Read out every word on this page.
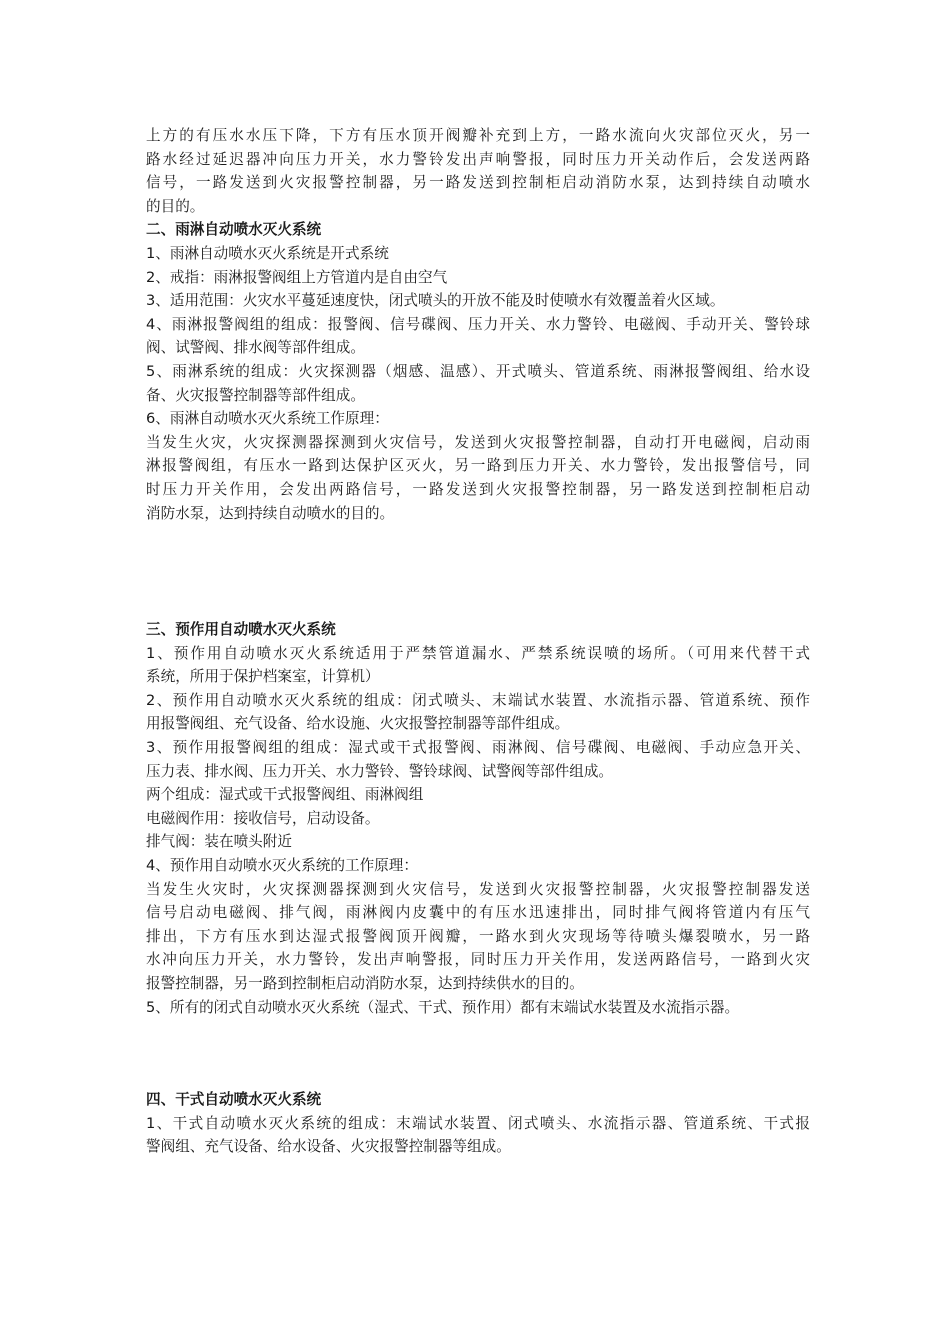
上方的有压水水压下降，下方有压水顶开阀瓣补充到上方，一路水流向火灾部位灭火，另一
路水经过延迟器冲向压力开关，水力警铃发出声响警报，同时压力开关动作后，会发送两路
信号，一路发送到火灾报警控制器，另一路发送到控制柜启动消防水泵，达到持续自动喷水
的目的。
二、雨淋自动喷水灭火系统
1、雨淋自动喷水灭火系统是开式系统
2、戒指：雨淋报警阀组上方管道内是自由空气
3、适用范围：火灾水平蔓延速度快，闭式喷头的开放不能及时使喷水有效覆盖着火区域。
4、雨淋报警阀组的组成：报警阀、信号碟阀、压力开关、水力警铃、电磁阀、手动开关、警铃球
阀、试警阀、排水阀等部件组成。
5、雨淋系统的组成：火灾探测器（烟感、温感）、开式喷头、管道系统、雨淋报警阀组、给水设
备、火灾报警控制器等部件组成。
6、雨淋自动喷水灭火系统工作原理：
当发生火灾，火灾探测器探测到火灾信号，发送到火灾报警控制器，自动打开电磁阀，启动雨
淋报警阀组，有压水一路到达保护区灭火，另一路到压力开关、水力警铃，发出报警信号，同
时压力开关作用，会发出两路信号，一路发送到火灾报警控制器，另一路发送到控制柜启动
消防水泵，达到持续自动喷水的目的。
三、预作用自动喷水灭火系统
1、预作用自动喷水灭火系统适用于严禁管道漏水、严禁系统误喷的场所。（可用来代替干式
系统，所用于保护档案室，计算机）
2、预作用自动喷水灭火系统的组成：闭式喷头、末端试水装置、水流指示器、管道系统、预作
用报警阀组、充气设备、给水设施、火灾报警控制器等部件组成。
3、预作用报警阀组的组成：湿式或干式报警阀、雨淋阀、信号碟阀、电磁阀、手动应急开关、
压力表、排水阀、压力开关、水力警铃、警铃球阀、试警阀等部件组成。
两个组成：湿式或干式报警阀组、雨淋阀组
电磁阀作用：接收信号，启动设备。
排气阀：装在喷头附近
4、预作用自动喷水灭火系统的工作原理：
当发生火灾时，火灾探测器探测到火灾信号，发送到火灾报警控制器，火灾报警控制器发送
信号启动电磁阀、排气阀，雨淋阀内皮囊中的有压水迅速排出，同时排气阀将管道内有压气
排出，下方有压水到达湿式报警阀顶开阀瓣，一路水到火灾现场等待喷头爆裂喷水，另一路
水冲向压力开关，水力警铃，发出声响警报，同时压力开关作用，发送两路信号，一路到火灾
报警控制器，另一路到控制柜启动消防水泵，达到持续供水的目的。
5、所有的闭式自动喷水灭火系统（湿式、干式、预作用）都有末端试水装置及水流指示器。
四、干式自动喷水灭火系统
1、干式自动喷水灭火系统的组成：末端试水装置、闭式喷头、水流指示器、管道系统、干式报
警阀组、充气设备、给水设备、火灾报警控制器等组成。
